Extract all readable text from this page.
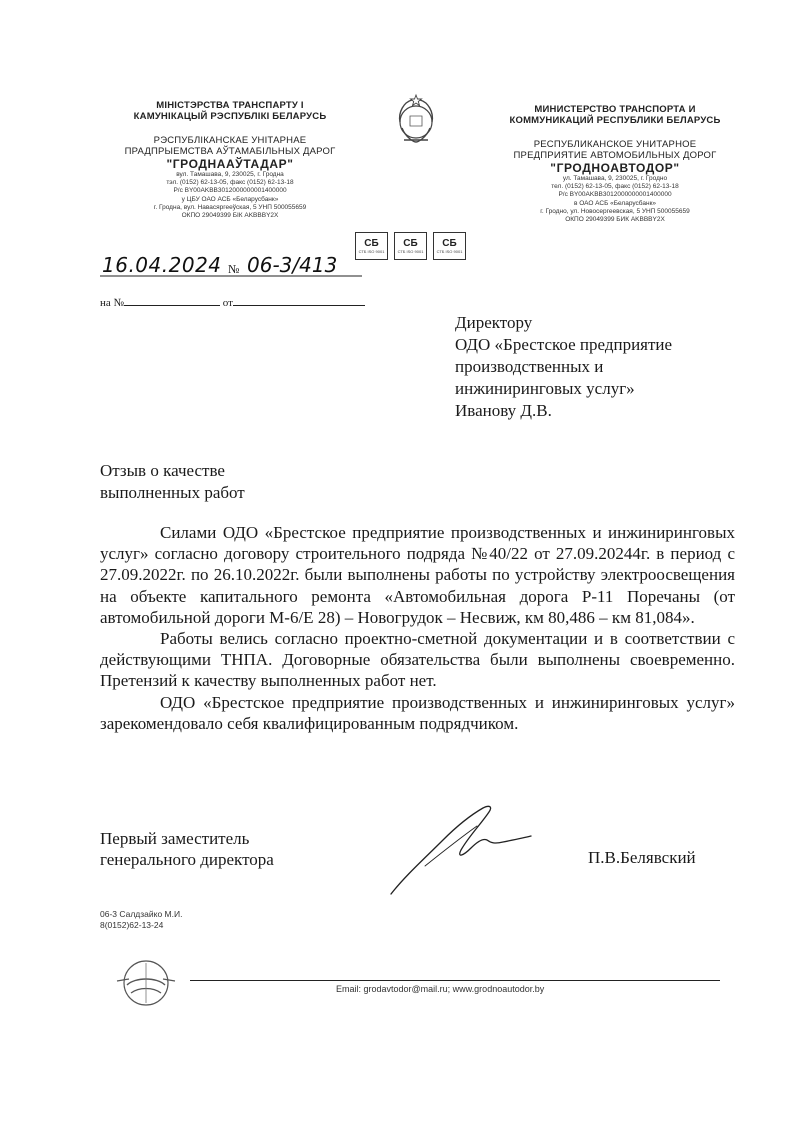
МІНІСТЭРСТВА ТРАНСПАРТУ І
КАМУНІКАЦЫЙ РЭСПУБЛІКІ БЕЛАРУСЬ
РЭСПУБЛІКАНСКАЕ УНІТАРНАЕ
ПРАДПРЫЕМСТВА АЎТАМАБІЛЬНЫХ ДАРОГ
"ГРОДНААЎТАДАР"
вул. Тамашава, 9, 230025, г. Гродна
тэл. (0152) 62-13-05, факс (0152) 62-13-18
Р/с BY00AKBB3012000000001400000
у ЦБУ ОАО АСБ «Беларусбанк»
г. Гродна, вул. Навасяргееўская, 5 УНП 500055659
ОКПО 29049399 БІК AKBBBY2X
МИНИСТЕРСТВО ТРАНСПОРТА И
КОММУНИКАЦИЙ РЕСПУБЛИКИ БЕЛАРУСЬ
РЕСПУБЛИКАНСКОЕ УНИТАРНОЕ
ПРЕДПРИЯТИЕ АВТОМОБИЛЬНЫХ ДОРОГ
"ГРОДНОАВТОДОР"
ул. Тамашава, 9, 230025, г. Гродно
тел. (0152) 62-13-05, факс (0152) 62-13-18
Р/с BY00AKBB3012000000001400000
в ОАО АСБ «Беларусбанк»
г. Гродно, ул. Новосергеевская, 5 УНП 500055659
ОКПО 29049399 БИК AKBBBY2X
СБ
СТБ ISO 9001
СБ
СТБ ISO 9001
СБ
СТБ ISO 9001
16.04.2024 № 06-3/413
на №	от
Директору
ОДО «Брестское предприятие
производственных и
инжиниринговых услуг»
Иванову Д.В.
Отзыв о качестве
выполненных работ

Силами ОДО «Брестское предприятие производственных и инжиниринговых услуг» согласно договору строительного подряда №40/22 от 27.09.20244г. в период с 27.09.2022г. по 26.10.2022г. были выполнены работы по устройству электроосвещения на объекте капитального ремонта «Автомобильная дорога Р-11 Поречаны (от автомобильной дороги М-6/Е 28) – Новогрудок – Несвиж, км 80,486 – км 81,084».

Работы велись согласно проектно-сметной документации и в соответствии с действующими ТНПА. Договорные обязательства были выполнены своевременно. Претензий к качеству выполненных работ нет.

ОДО «Брестское предприятие производственных и инжиниринговых услуг» зарекомендовало себя квалифицированным подрядчиком.

Первый заместитель
генерального директора	П.В.Белявский
06-3 Салдзайко М.И.
8(0152)62-13-24
Email: grodavtodor@mail.ru; www.grodnoautodor.by
